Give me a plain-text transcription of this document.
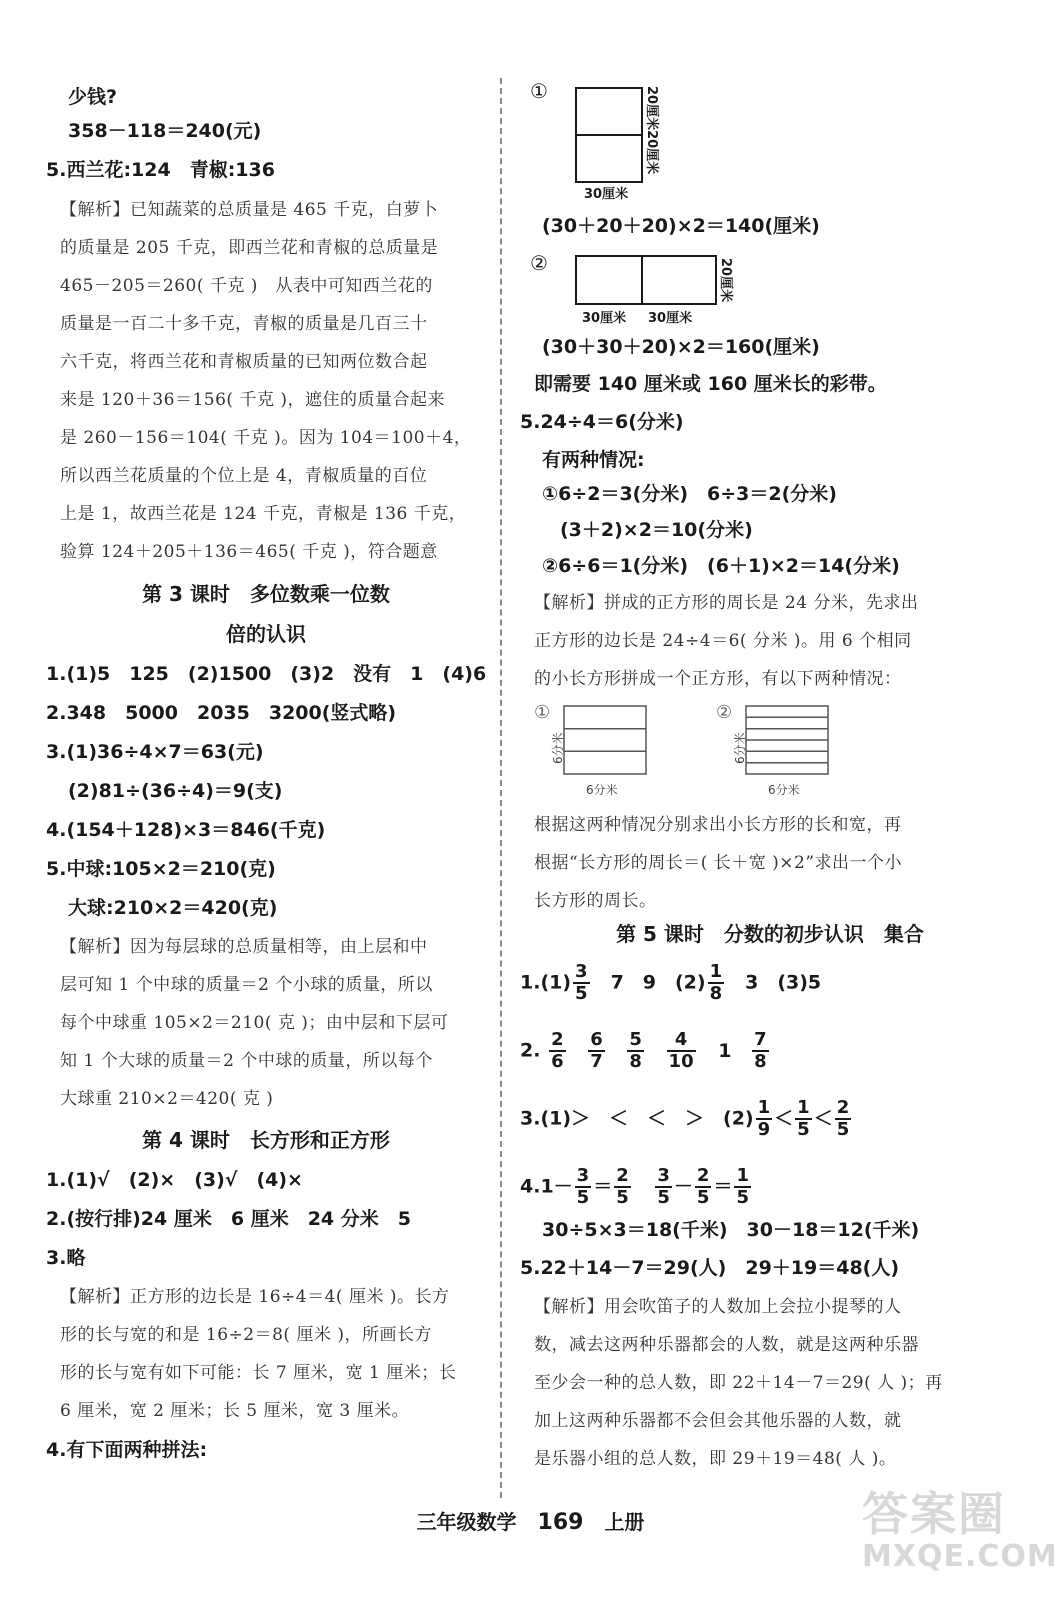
少钱?
358－118＝240(元)
5.西兰花:124　青椒:136
【解析】已知蔬菜的总质量是 465 千克，白萝卜
的质量是 205 千克，即西兰花和青椒的总质量是
465－205＝260( 千克 )　从表中可知西兰花的
质量是一百二十多千克，青椒的质量是几百三十
六千克，将西兰花和青椒质量的已知两位数合起
来是 120＋36＝156( 千克 )，遮住的质量合起来
是 260－156＝104( 千克 )。因为 104＝100＋4，
所以西兰花质量的个位上是 4，青椒质量的百位
上是 1，故西兰花是 124 千克，青椒是 136 千克，
验算 124＋205＋136＝465( 千克 )，符合题意
第 3 课时　多位数乘一位数
倍的认识
1.(1)5　125　(2)1500　(3)2　没有　1　(4)6
2.348　5000　2035　3200(竖式略)
3.(1)36÷4×7＝63(元)
(2)81÷(36÷4)＝9(支)
4.(154＋128)×3＝846(千克)
5.中球:105×2＝210(克)
大球:210×2＝420(克)
【解析】因为每层球的总质量相等，由上层和中
层可知 1 个中球的质量＝2 个小球的质量，所以
每个中球重 105×2＝210( 克 )；由中层和下层可
知 1 个大球的质量＝2 个中球的质量，所以每个
大球重 210×2＝420( 克 )
第 4 课时　长方形和正方形
1.(1)√　(2)×　(3)√　(4)×
2.(按行排)24 厘米　6 厘米　24 分米　5
3.略
【解析】正方形的边长是 16÷4＝4( 厘米 )。长方
形的长与宽的和是 16÷2＝8( 厘米 )，所画长方
形的长与宽有如下可能：长 7 厘米，宽 1 厘米；长
6 厘米，宽 2 厘米；长 5 厘米，宽 3 厘米。
4.有下面两种拼法:
①
30厘米
20厘米20厘米
(30＋20＋20)×2＝140(厘米)
②
30厘米 30厘米
20厘米
(30＋30＋20)×2＝160(厘米)
即需要 140 厘米或 160 厘米长的彩带。
5.24÷4＝6(分米)
有两种情况:
①6÷2＝3(分米)　6÷3＝2(分米)
(3＋2)×2＝10(分米)
②6÷6＝1(分米)　(6＋1)×2＝14(分米)
【解析】拼成的正方形的周长是 24 分米，先求出
正方形的边长是 24÷4＝6( 分米 )。用 6 个相同
的小长方形拼成一个正方形，有以下两种情况：
①
6分米
6分米
②
6分米
6分米
根据这两种情况分别求出小长方形的长和宽，再
根据“长方形的周长＝( 长＋宽 )×2”求出一个小
长方形的周长。
第 5 课时　分数的初步认识　集合
$1.(1) \frac{3}{5}$ 　7　9　$(2) \frac{1}{8}$ 　3　(3)5
2. $\frac{2}{6}$
$\frac{6}{7}$
$\frac{5}{8}$
$\frac{4}{10} 1 \frac{7}{8}$
3.(1)＞　＜　＜　＞　$(2) \frac{1}{9} < \frac{1}{5} < \frac{2}{5}$
$4.1- \frac{3}{5} = \frac{2}{5}$
$\frac{3}{5} - \frac{2}{5} = \frac{1}{5}$
30÷5×3＝18(千米)　30－18＝12(千米)
5.22＋14－7＝29(人)　29＋19＝48(人)
【解析】用会吹笛子的人数加上会拉小提琴的人
数，减去这两种乐器都会的人数，就是这两种乐器
至少会一种的总人数，即 22＋14－7＝29( 人 )；再
加上这两种乐器都不会但会其他乐器的人数，就
是乐器小组的总人数，即 29＋19＝48( 人 )。
三年级数学 169 上册	答案圈
MXQE.COM
